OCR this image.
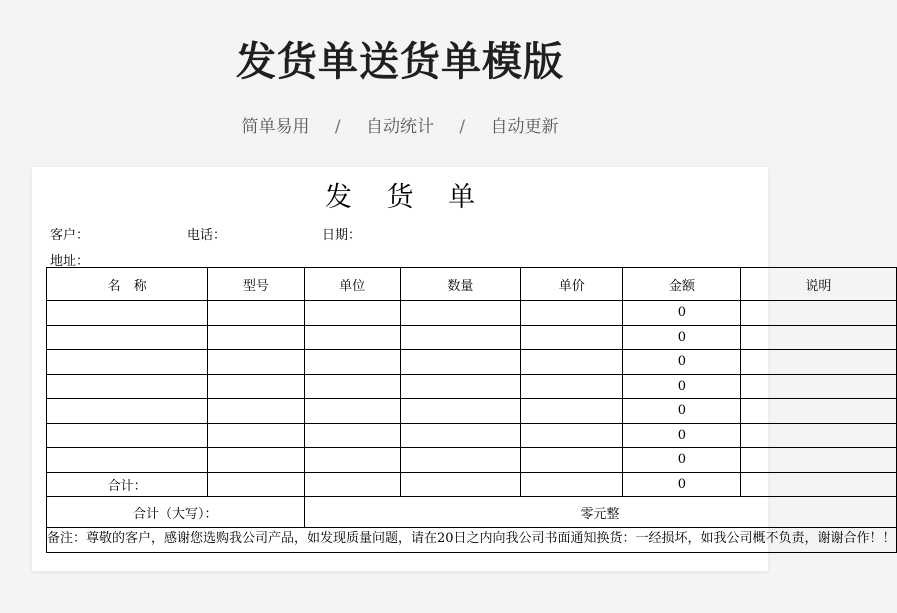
发货单送货单模版
简单易用 / 自动统计 / 自动更新
发 货 单
客户：	电话：	日期：
地址：
名　称	型号	单位	数量	单价	金额	说明
					0	
					0	
					0	
					0	
					0	
					0	
					0	
合计：					0	
合计（大写）：		零元整				
备注：尊敬的客户，感谢您选购我公司产品，如发现质量问题，请在20日之内向我公司书面通知换货：一经损坏，如我公司概不负责，谢谢合作！！						
